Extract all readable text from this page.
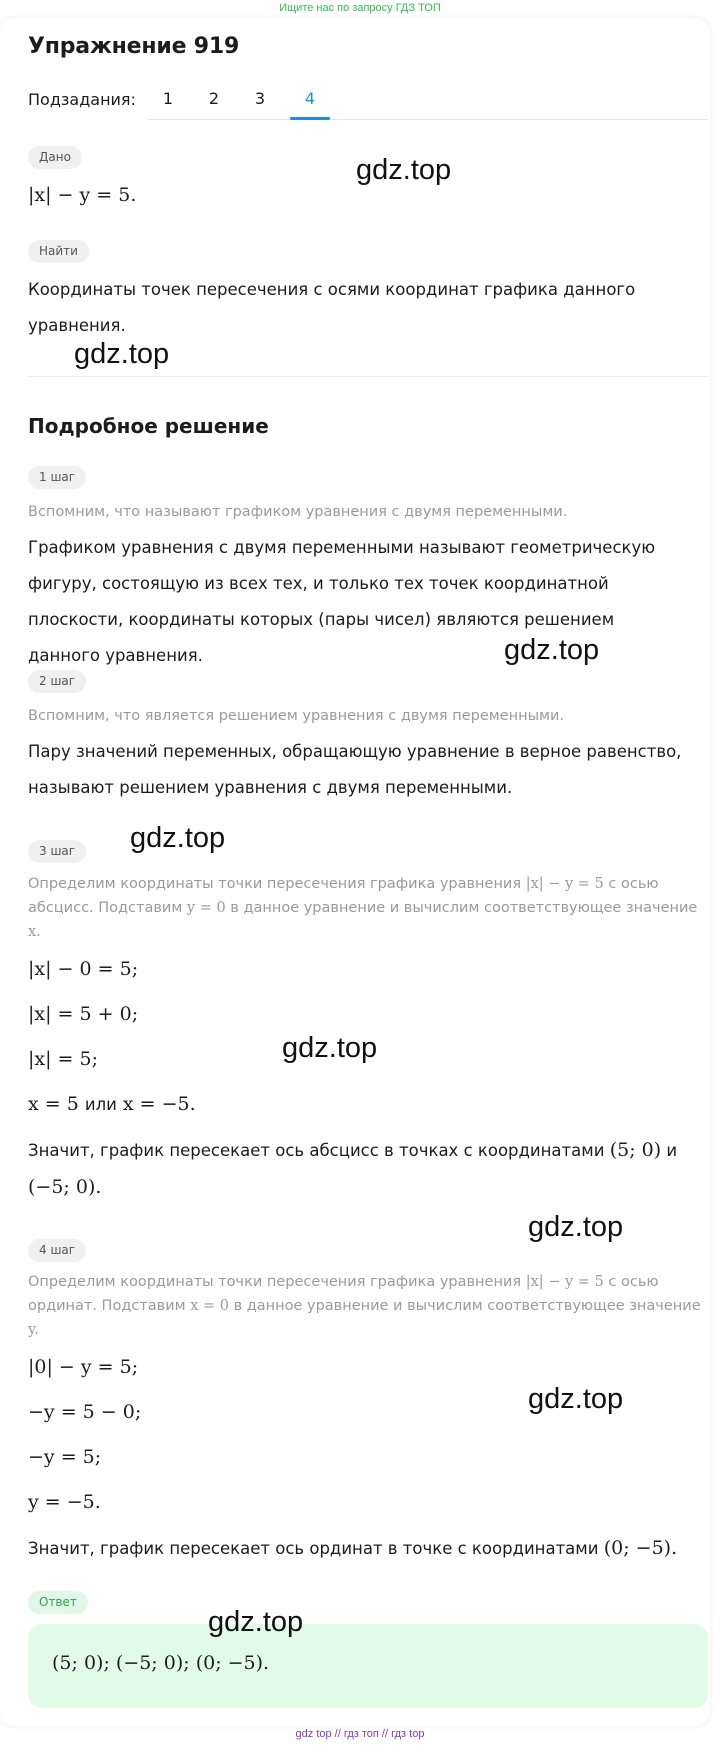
Ищите нас по запросу ГДЗ ТОП
Упражнение 919
Подзадания:	1	2	3	4
Дано
|x| − y = 5.
Найти
Координаты точек пересечения с осями координат графика данного уравнения.
Подробное решение
1 шаг
Вспомним, что называют графиком уравнения с двумя переменными.
Графиком уравнения с двумя переменными называют геометрическую фигуру, состоящую из всех тех, и только тех точек координатной плоскости, координаты которых (пары чисел) являются решением данного уравнения.
2 шаг
Вспомним, что является решением уравнения с двумя переменными.
Пару значений переменных, обращающую уравнение в верное равенство, называют решением уравнения с двумя переменными.
3 шаг
Определим координаты точки пересечения графика уравнения |x| − y = 5 с осью абсцисс. Подставим y = 0 в данное уравнение и вычислим соответствующее значение x.
|x| − 0 = 5;
|x| = 5 + 0;
|x| = 5;
x = 5 или x = −5.
Значит, график пересекает ось абсцисс в точках с координатами (5; 0) и (−5; 0).
4 шаг
Определим координаты точки пересечения графика уравнения |x| − y = 5 с осью ординат. Подставим x = 0 в данное уравнение и вычислим соответствующее значение y.
|0| − y = 5;
−y = 5 − 0;
−y = 5;
y = −5.
Значит, график пересекает ось ординат в точке с координатами (0; −5).
Ответ
(5; 0); (−5; 0); (0; −5).
gdz.top
gdz.top
gdz.top
gdz.top
gdz.top
gdz.top
gdz.top
gdz.top
gdz top // гдз топ // гдз top
